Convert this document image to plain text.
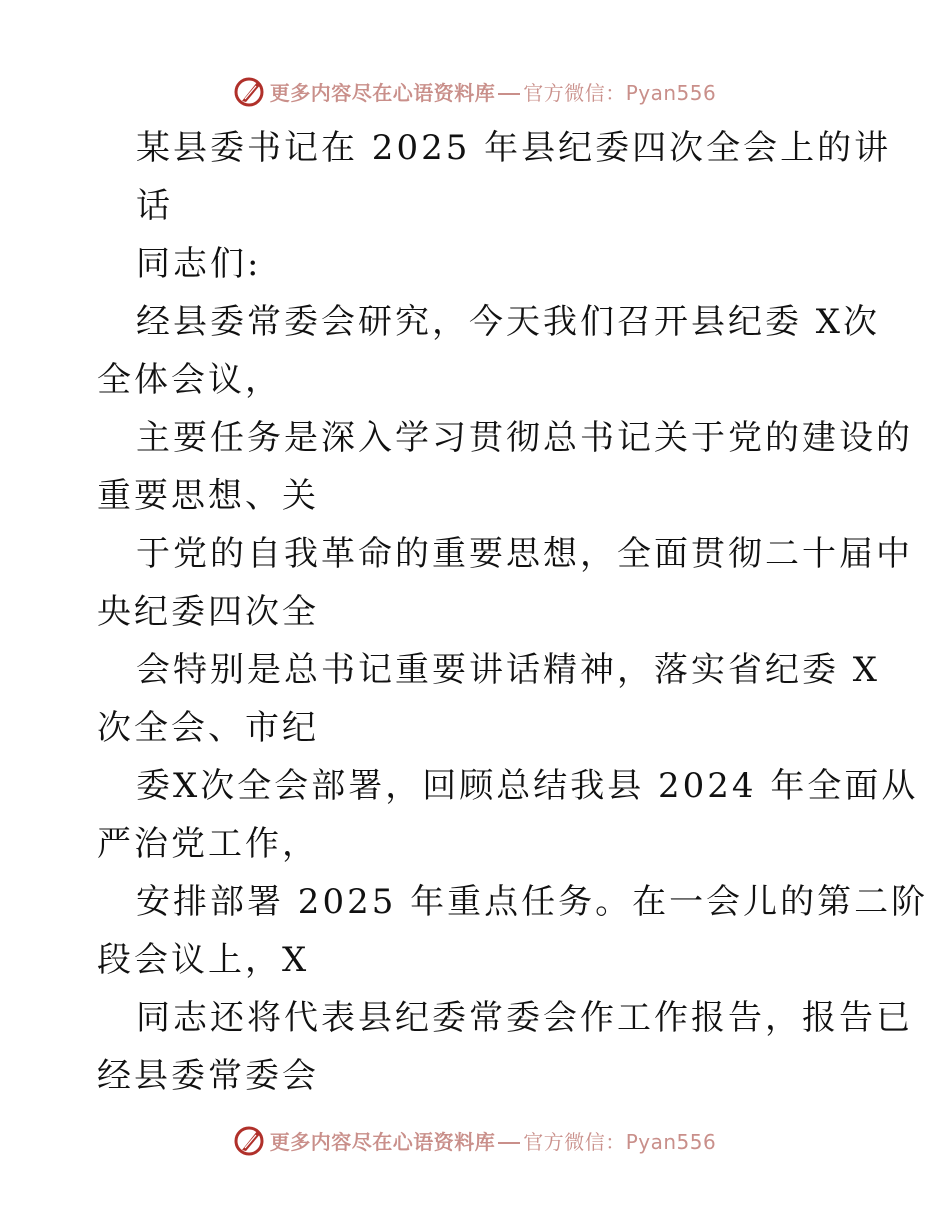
更多内容尽在心语资料库 官方微信：Pyan556
某县委书记在 2025 年县纪委四次全会上的讲
话
同志们:
经县委常委会研究，今天我们召开县纪委 X次
全体会议，
主要任务是深入学习贯彻总书记关于党的建设的
重要思想、关
于党的自我革命的重要思想，全面贯彻二十届中
央纪委四次全
会特别是总书记重要讲话精神，落实省纪委 X
次全会、市纪
委X次全会部署，回顾总结我县 2024 年全面从
严治党工作，
安排部署 2025 年重点任务。在一会儿的第二阶
段会议上，X
同志还将代表县纪委常委会作工作报告，报告已
经县委常委会
更多内容尽在心语资料库 官方微信：Pyan556
